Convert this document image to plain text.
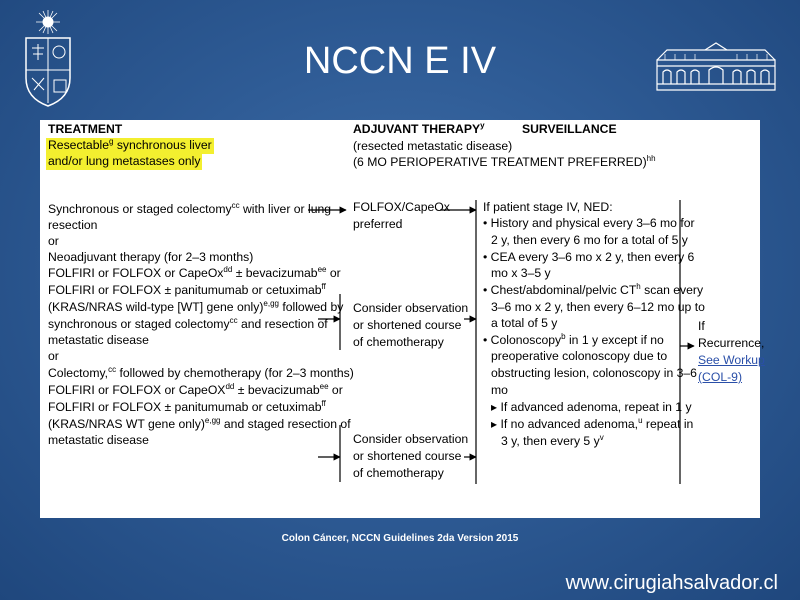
NCCN E IV
TREATMENT	ADJUVANT THERAPY$^y$	SURVEILLANCE
(resected metastatic disease)
(6 MO PERIOPERATIVE TREATMENT PREFERRED)$^{hh}$
Resectable$^g$ synchronous liver
and/or lung metastases only
Synchronous or staged colectomy$^{cc}$ with liver or lung
resection
or
Neoadjuvant therapy (for 2–3 months)
FOLFIRI or FOLFOX or CapeOx$^{dd}$ ± bevacizumab$^{ee}$ or
FOLFIRI or FOLFOX ± panitumumab or cetuximab$^{ff}$
(KRAS/NRAS wild-type [WT] gene only)$^{e,gg}$ followed by
synchronous or staged colectomy$^{cc}$ and resection of
metastatic disease
or
Colectomy,$^{cc}$ followed by chemotherapy (for 2–3 months)
FOLFIRI or FOLFOX or CapeOX$^{dd}$ ± bevacizumab$^{ee}$ or
FOLFIRI or FOLFOX ± panitumumab or cetuximab$^{ff}$
(KRAS/NRAS WT gene only)$^{e,gg}$ and staged resection of
metastatic disease
FOLFOX/CapeOx
preferred
Consider observation
or shortened course
of chemotherapy
Consider observation
or shortened course
of chemotherapy
If patient stage IV, NED:
• History and physical every 3–6 mo for
2 y, then every 6 mo for a total of 5 y
• CEA every 3–6 mo x 2 y, then every 6
mo x 3–5 y
• Chest/abdominal/pelvic $CT^h$ scan every
3–6 mo x 2 y, then every 6–12 mo up to
a total of 5 y
• Colonoscopy$^b$ in 1 y except if no
preoperative colonoscopy due to
obstructing lesion, colonoscopy in 3–6
mo
▸ If advanced adenoma, repeat in 1 y
▸ If no advanced adenoma,$^u$ repeat in
3 y, then every 5 $y^v$
If
Recurrence,
See Workup
(COL-9)
Colon Cáncer, NCCN Guidelines 2da Version 2015
www.cirugiahsalvador.cl
